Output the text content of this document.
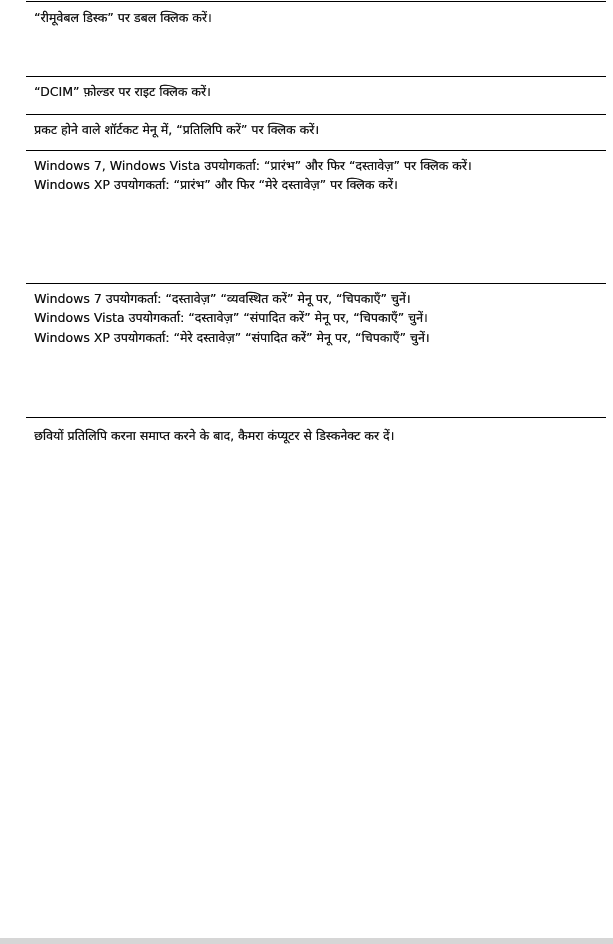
“रीमूवेबल डिस्क” पर डबल क्लिक करें।
“DCIM” फ़ोल्डर पर राइट क्लिक करें।
प्रकट होने वाले शॉर्टकट मेनू में, “प्रतिलिपि करें” पर क्लिक करें।
Windows 7, Windows Vista उपयोगकर्ता: “प्रारंभ” और फिर “दस्तावेज़” पर क्लिक करें।
Windows XP उपयोगकर्ता: “प्रारंभ” और फिर “मेरे दस्तावेज़” पर क्लिक करें।
Windows 7 उपयोगकर्ता: “दस्तावेज़” “व्यवस्थित करें” मेनू पर, “चिपकाएँ” चुनें।
Windows Vista उपयोगकर्ता: “दस्तावेज़” “संपादित करें” मेनू पर, “चिपकाएँ” चुनें।
Windows XP उपयोगकर्ता: “मेरे दस्तावेज़” “संपादित करें” मेनू पर, “चिपकाएँ” चुनें।
छवियों प्रतिलिपि करना समाप्त करने के बाद, कैमरा कंप्यूटर से डिस्कनेक्ट कर दें।
